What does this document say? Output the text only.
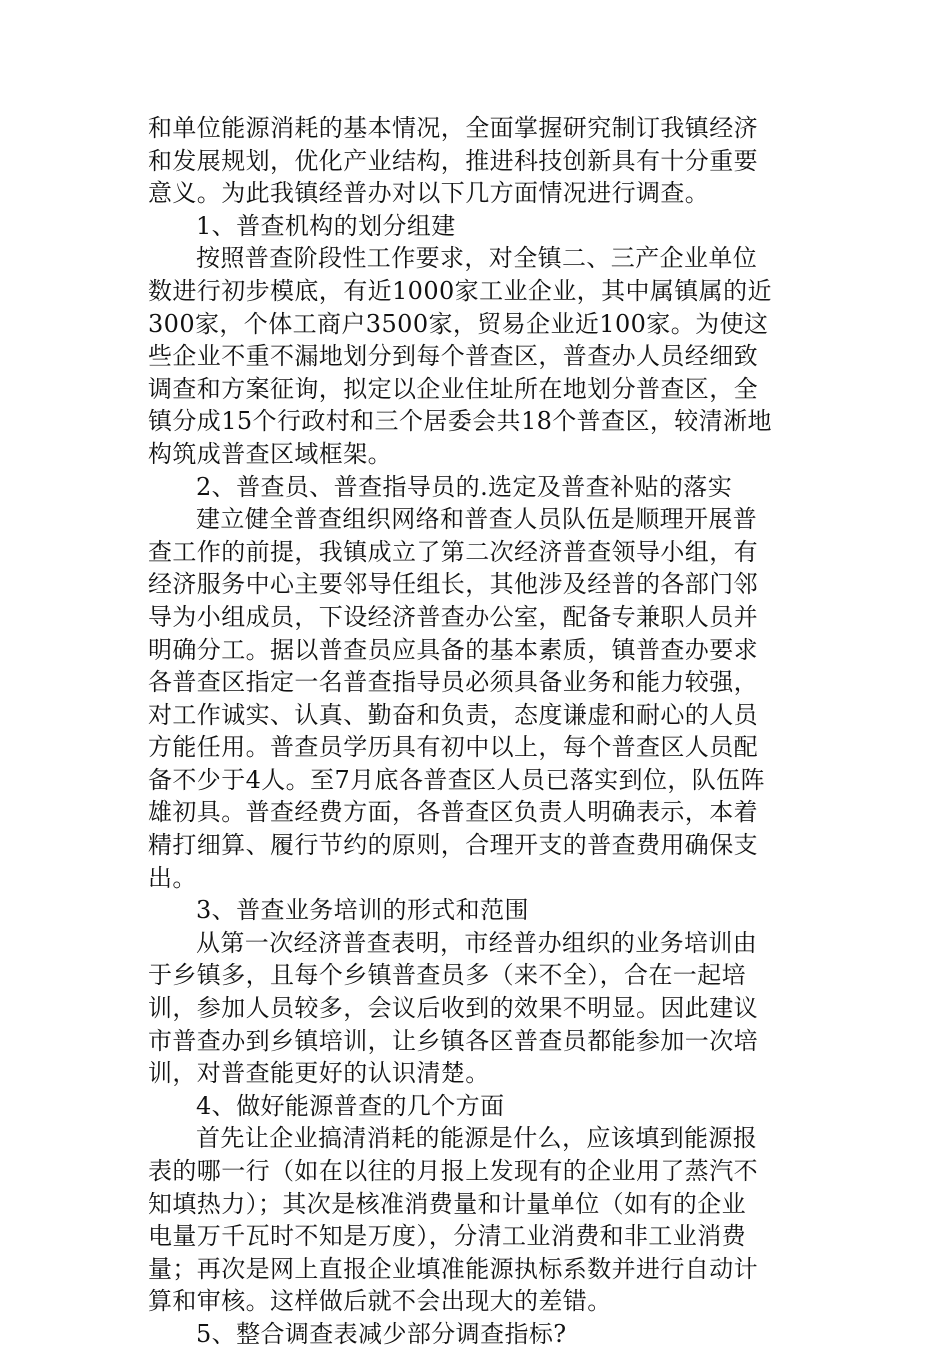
和单位能源消耗的基本情况，全面掌握研究制订我镇经济
和发展规划，优化产业结构，推进科技创新具有十分重要
意义。为此我镇经普办对以下几方面情况进行调查。
1、普查机构的划分组建
按照普查阶段性工作要求，对全镇二、三产企业单位
数进行初步模底，有近1000家工业企业，其中属镇属的近
300家，个体工商户3500家，贸易企业近100家。为使这
些企业不重不漏地划分到每个普查区，普查办人员经细致
调查和方案征询，拟定以企业住址所在地划分普查区，全
镇分成15个行政村和三个居委会共18个普查区，较清淅地
构筑成普查区域框架。
2、普查员、普查指导员的.选定及普查补贴的落实
建立健全普查组织网络和普查人员队伍是顺理开展普
查工作的前提，我镇成立了第二次经济普查领导小组，有
经济服务中心主要邻导任组长，其他涉及经普的各部门邻
导为小组成员，下设经济普查办公室，配备专兼职人员并
明确分工。据以普查员应具备的基本素质，镇普查办要求
各普查区指定一名普查指导员必须具备业务和能力较强，
对工作诚实、认真、勤奋和负责，态度谦虚和耐心的人员
方能任用。普查员学历具有初中以上，每个普查区人员配
备不少于4人。至7月底各普查区人员已落实到位，队伍阵
雄初具。普查经费方面，各普查区负责人明确表示，本着
精打细算、履行节约的原则，合理开支的普查费用确保支
出。
3、普查业务培训的形式和范围
从第一次经济普查表明，市经普办组织的业务培训由
于乡镇多，且每个乡镇普查员多（来不全），合在一起培
训，参加人员较多，会议后收到的效果不明显。因此建议
市普查办到乡镇培训，让乡镇各区普查员都能参加一次培
训，对普查能更好的认识清楚。
4、做好能源普查的几个方面
首先让企业搞清消耗的能源是什么，应该填到能源报
表的哪一行（如在以往的月报上发现有的企业用了蒸汽不
知填热力）；其次是核准消费量和计量单位（如有的企业
电量万千瓦时不知是万度），分清工业消费和非工业消费
量；再次是网上直报企业填准能源执标系数并进行自动计
算和审核。这样做后就不会出现大的差错。
5、整合调查表减少部分调查指标?
